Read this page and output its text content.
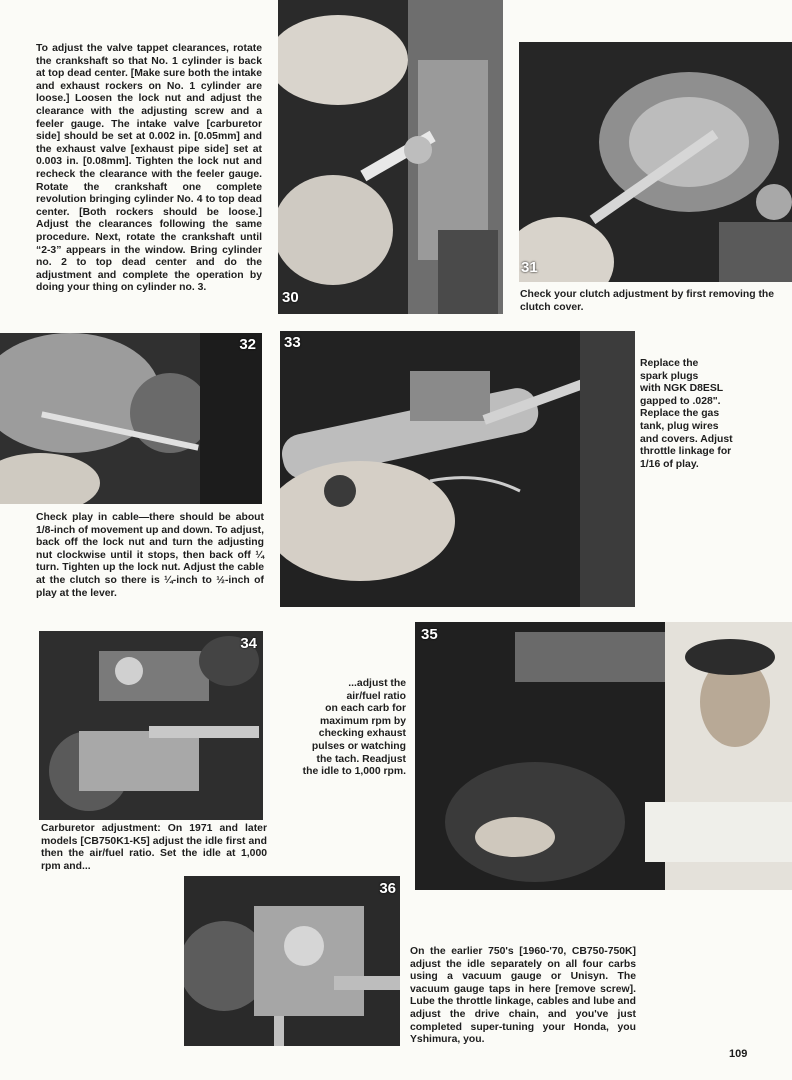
To adjust the valve tappet clearances, rotate the crankshaft so that No. 1 cylinder is back at top dead center. [Make sure both the intake and exhaust rockers on No. 1 cylinder are loose.] Loosen the lock nut and adjust the clearance with the adjusting screw and a feeler gauge. The intake valve [carburetor side] should be set at 0.002 in. [0.05mm] and the exhaust valve [exhaust pipe side] set at 0.003 in. [0.08mm]. Tighten the lock nut and recheck the clearance with the feeler gauge. Rotate the crankshaft one complete revolution bringing cylinder No. 4 to top dead center. [Both rockers should be loose.] Adjust the clearances following the same procedure. Next, rotate the crankshaft until “2-3” appears in the window. Bring cylinder no. 2 to top dead center and do the adjustment and complete the operation by doing your thing on cylinder no. 3.

30
31

Check your clutch adjustment by first removing the clutch cover.

32

Check play in cable—there should be about 1/8-inch of movement up and down. To adjust, back off the lock nut and turn the adjusting nut clockwise until it stops, then back off ¼ turn. Tighten up the lock nut. Adjust the cable at the clutch so there is ¼-inch to ½-inch of play at the lever.

33

Replace the
spark plugs
with NGK D8ESL
gapped to .028".
Replace the gas
tank, plug wires
and covers. Adjust
throttle linkage for
1/16 of play.

34

Carburetor adjustment: On 1971 and later models [CB750K1-K5] adjust the idle first and then the air/fuel ratio. Set the idle at 1,000 rpm and...

...adjust the
air/fuel ratio
on each carb for
maximum rpm by
checking exhaust
pulses or watching
the tach. Readjust
the idle to 1,000 rpm.

35
36

On the earlier 750's [1960-'70, CB750-750K] adjust the idle separately on all four carbs using a vacuum gauge or Unisyn. The vacuum gauge taps in here [remove screw]. Lube the throttle linkage, cables and lube and adjust the drive chain, and you've just completed super-tuning your Honda, you Yshimura, you.

109
